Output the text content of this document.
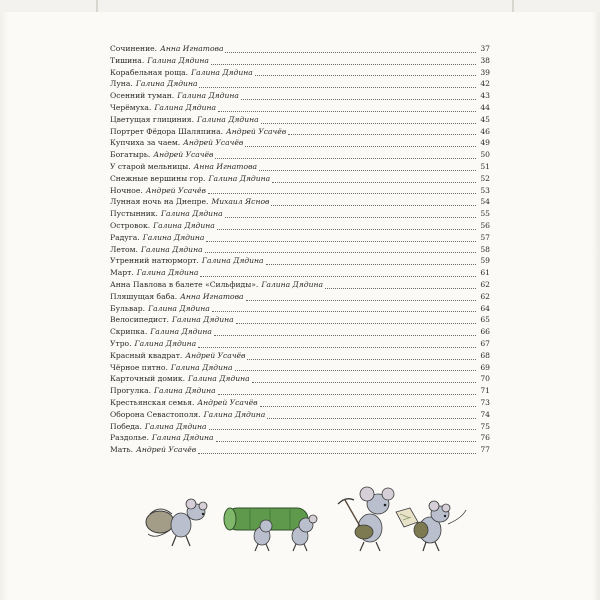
Сочинение. Анна Игнатова	37
Тишина. Галина Дядина	38
Корабельная роща. Галина Дядина	39
Луна. Галина Дядина	42
Осенний туман. Галина Дядина	43
Черёмуха. Галина Дядина	44
Цветущая глициния. Галина Дядина	45
Портрет Фёдора Шаляпина. Андрей Усачёв	46
Купчиха за чаем. Андрей Усачёв	49
Богатырь. Андрей Усачёв	50
У старой мельницы. Анна Игнатова	51
Снежные вершины гор. Галина Дядина	52
Ночное. Андрей Усачёв	53
Лунная ночь на Днепре. Михаил Яснов	54
Пустынник. Галина Дядина	55
Островок. Галина Дядина	56
Радуга. Галина Дядина	57
Летом. Галина Дядина	58
Утренний натюрморт. Галина Дядина	59
Март. Галина Дядина	61
Анна Павлова в балете «Сильфиды». Галина Дядина	62
Пляшущая баба. Анна Игнатова	62
Бульвар. Галина Дядина	64
Велосипедист. Галина Дядина	65
Скрипка. Галина Дядина	66
Утро. Галина Дядина	67
Красный квадрат. Андрей Усачёв	68
Чёрное пятно. Галина Дядина	69
Карточный домик. Галина Дядина	70
Прогулка. Галина Дядина	71
Крестьянская семья. Андрей Усачёв	73
Оборона Севастополя. Галина Дядина	74
Победа. Галина Дядина	75
Раздолье. Галина Дядина	76
Мать. Андрей Усачёв	77
